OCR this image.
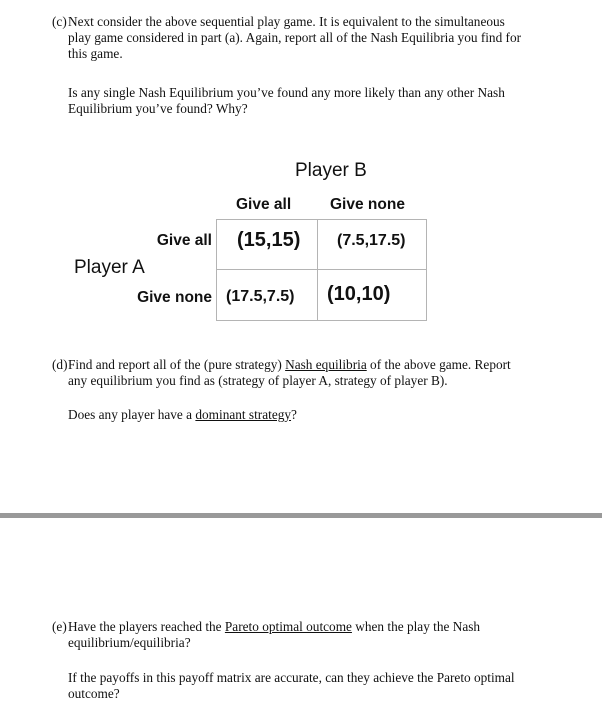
(c)Next consider the above sequential play game. It is equivalent to the simultaneous
play game considered in part (a). Again, report all of the Nash Equilibria you find for
this game.
Is any single Nash Equilibrium you’ve found any more likely than any other Nash
Equilibrium you’ve found? Why?
Player B
Give all	Give none
Give all
Player A
Give none
(15,15) (7.5,17.5)
(17.5,7.5) (10,10)
(d)Find and report all of the (pure strategy) Nash equilibria of the above game. Report
any equilibrium you find as (strategy of player A, strategy of player B).
Does any player have a dominant strategy?
(e)Have the players reached the Pareto optimal outcome when the play the Nash
equilibrium/equilibria?
If the payoffs in this payoff matrix are accurate, can they achieve the Pareto optimal
outcome?
